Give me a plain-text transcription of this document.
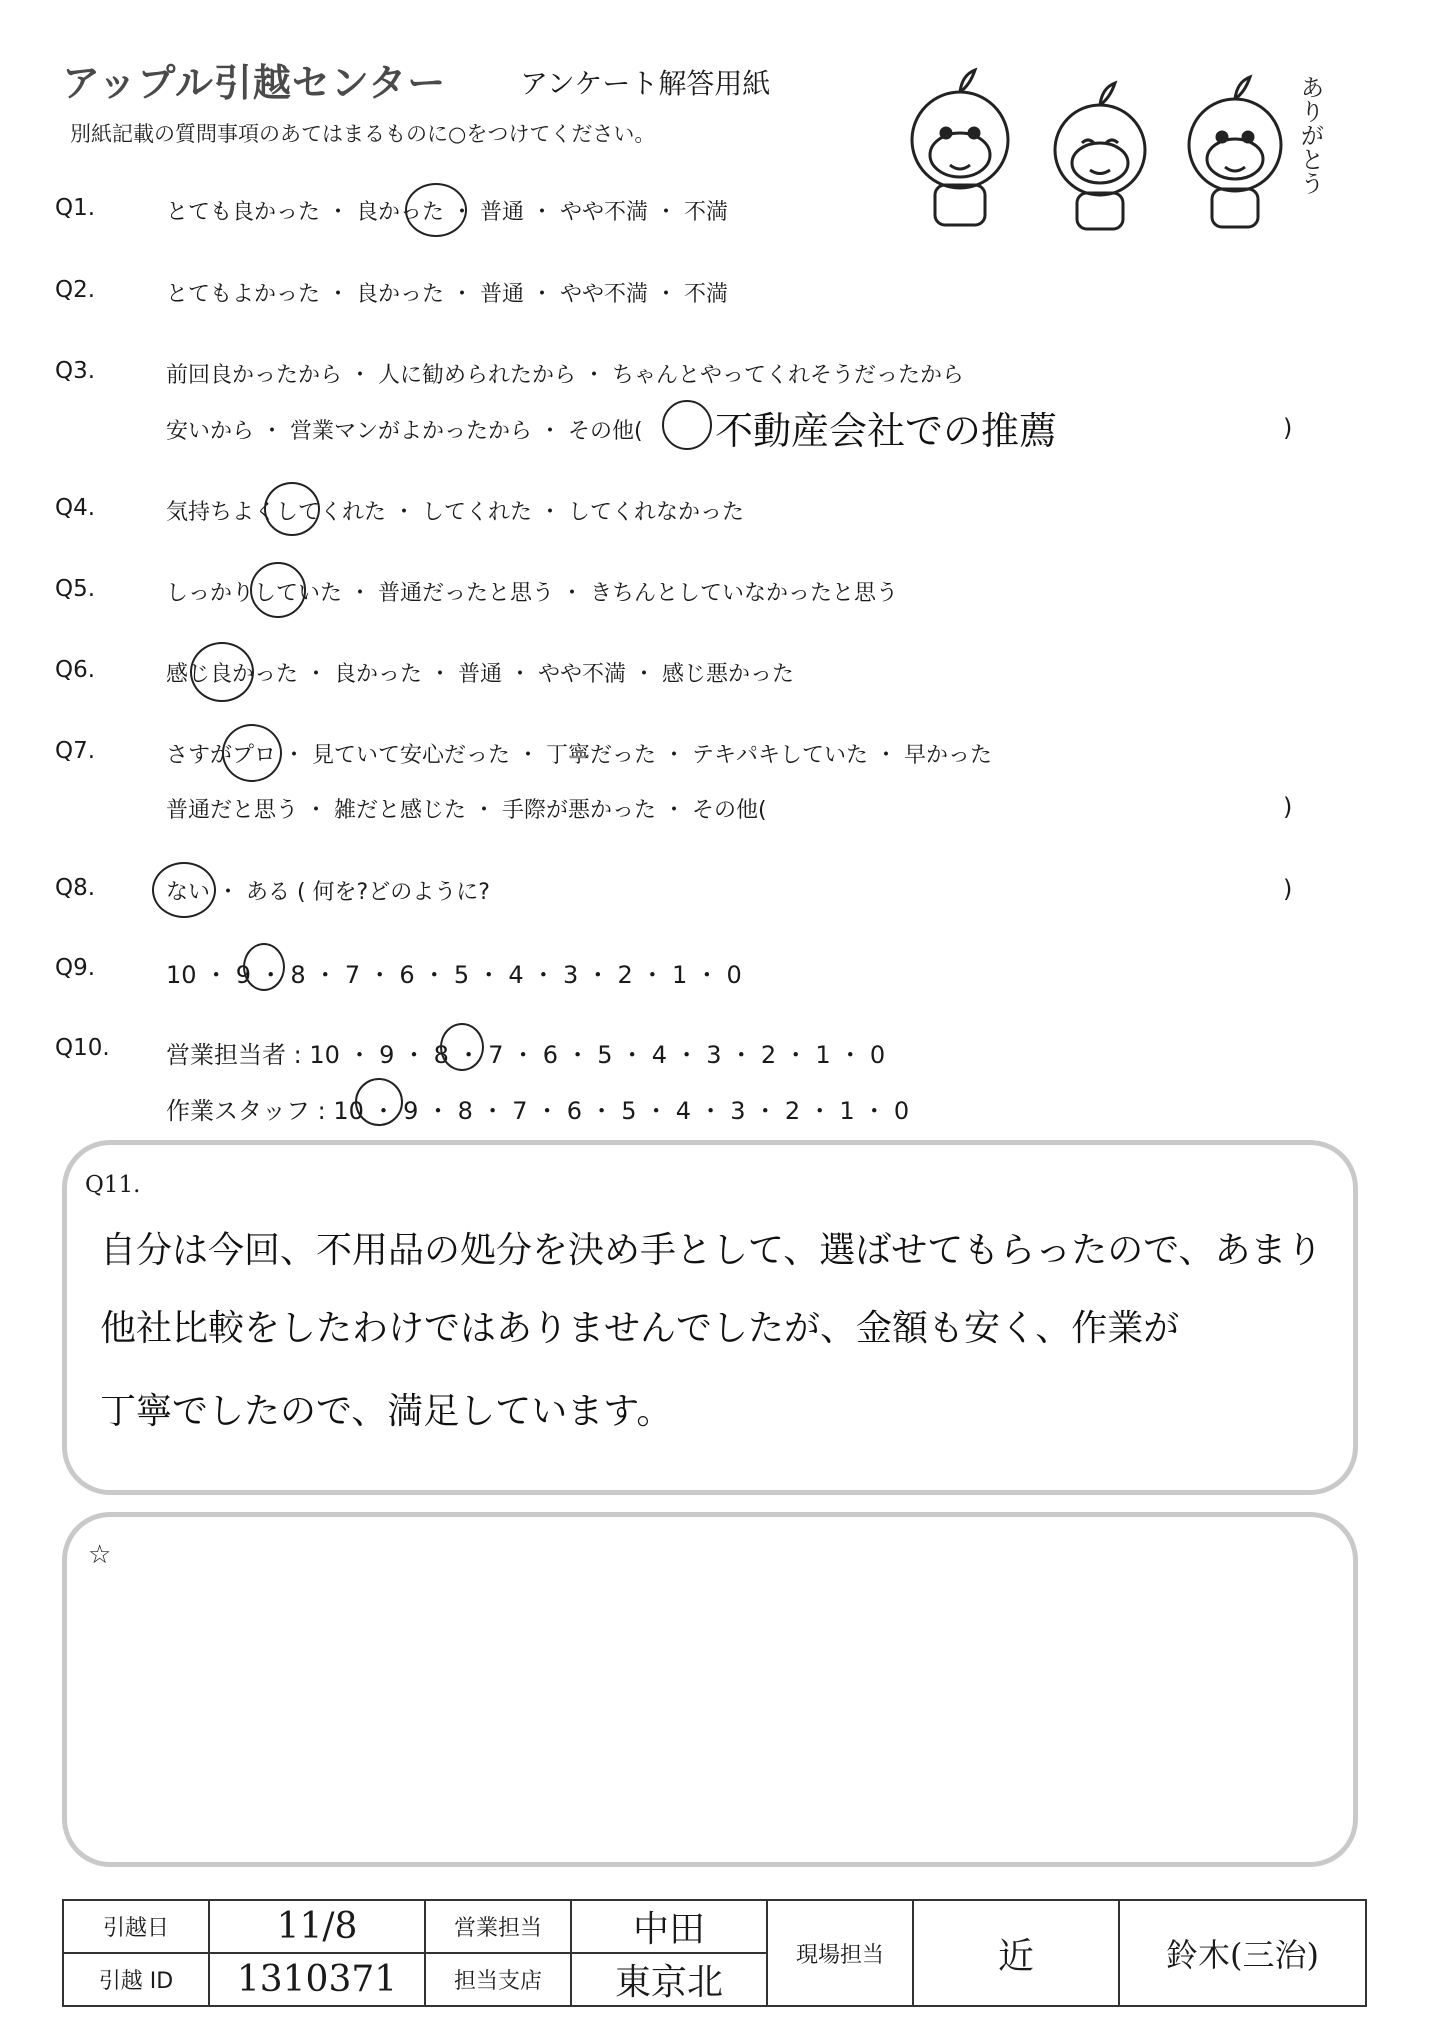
アップル引越センター	アンケート解答用紙
別紙記載の質問事項のあてはまるものに○をつけてください。	ありがとう
Q1.	とても良かった ・ 良かった ・ 普通 ・ やや不満 ・ 不満
Q2.	とてもよかった ・ 良かった ・ 普通 ・ やや不満 ・ 不満
Q3.	前回良かったから ・ 人に勧められたから ・ ちゃんとやってくれそうだったから
安いから ・ 営業マンがよかったから ・ その他( 不動産会社での推薦	)
Q4.	気持ちよくしてくれた ・ してくれた ・ してくれなかった
Q5.	しっかりしていた ・ 普通だったと思う ・ きちんとしていなかったと思う
Q6.	感じ良かった ・ 良かった ・ 普通 ・ やや不満 ・ 感じ悪かった
Q7.	さすがプロ ・ 見ていて安心だった ・ 丁寧だった ・ テキパキしていた ・ 早かった
普通だと思う ・ 雑だと感じた ・ 手際が悪かった ・ その他(	)
Q8.	ない ・ ある ( 何を?どのように?	)
Q9.	10 ・ 9 ・ 8 ・ 7 ・ 6 ・ 5 ・ 4 ・ 3 ・ 2 ・ 1 ・ 0
Q10. 営業担当者 : 10 ・ 9 ・ 8 ・ 7 ・ 6 ・ 5 ・ 4 ・ 3 ・ 2 ・ 1 ・ 0
作業スタッフ : 10 ・ 9 ・ 8 ・ 7 ・ 6 ・ 5 ・ 4 ・ 3 ・ 2 ・ 1 ・ 0
Q11.
自分は今回、不用品の処分を決め手として、選ばせてもらったので、あまり
他社比較をしたわけではありませんでしたが、金額も安く、作業が
丁寧でしたので、満足しています。
☆
引越日	11/8	営業担当	中田	現場担当	近	鈴木(三治)
引越 ID	1310371	担当支店	東京北			
